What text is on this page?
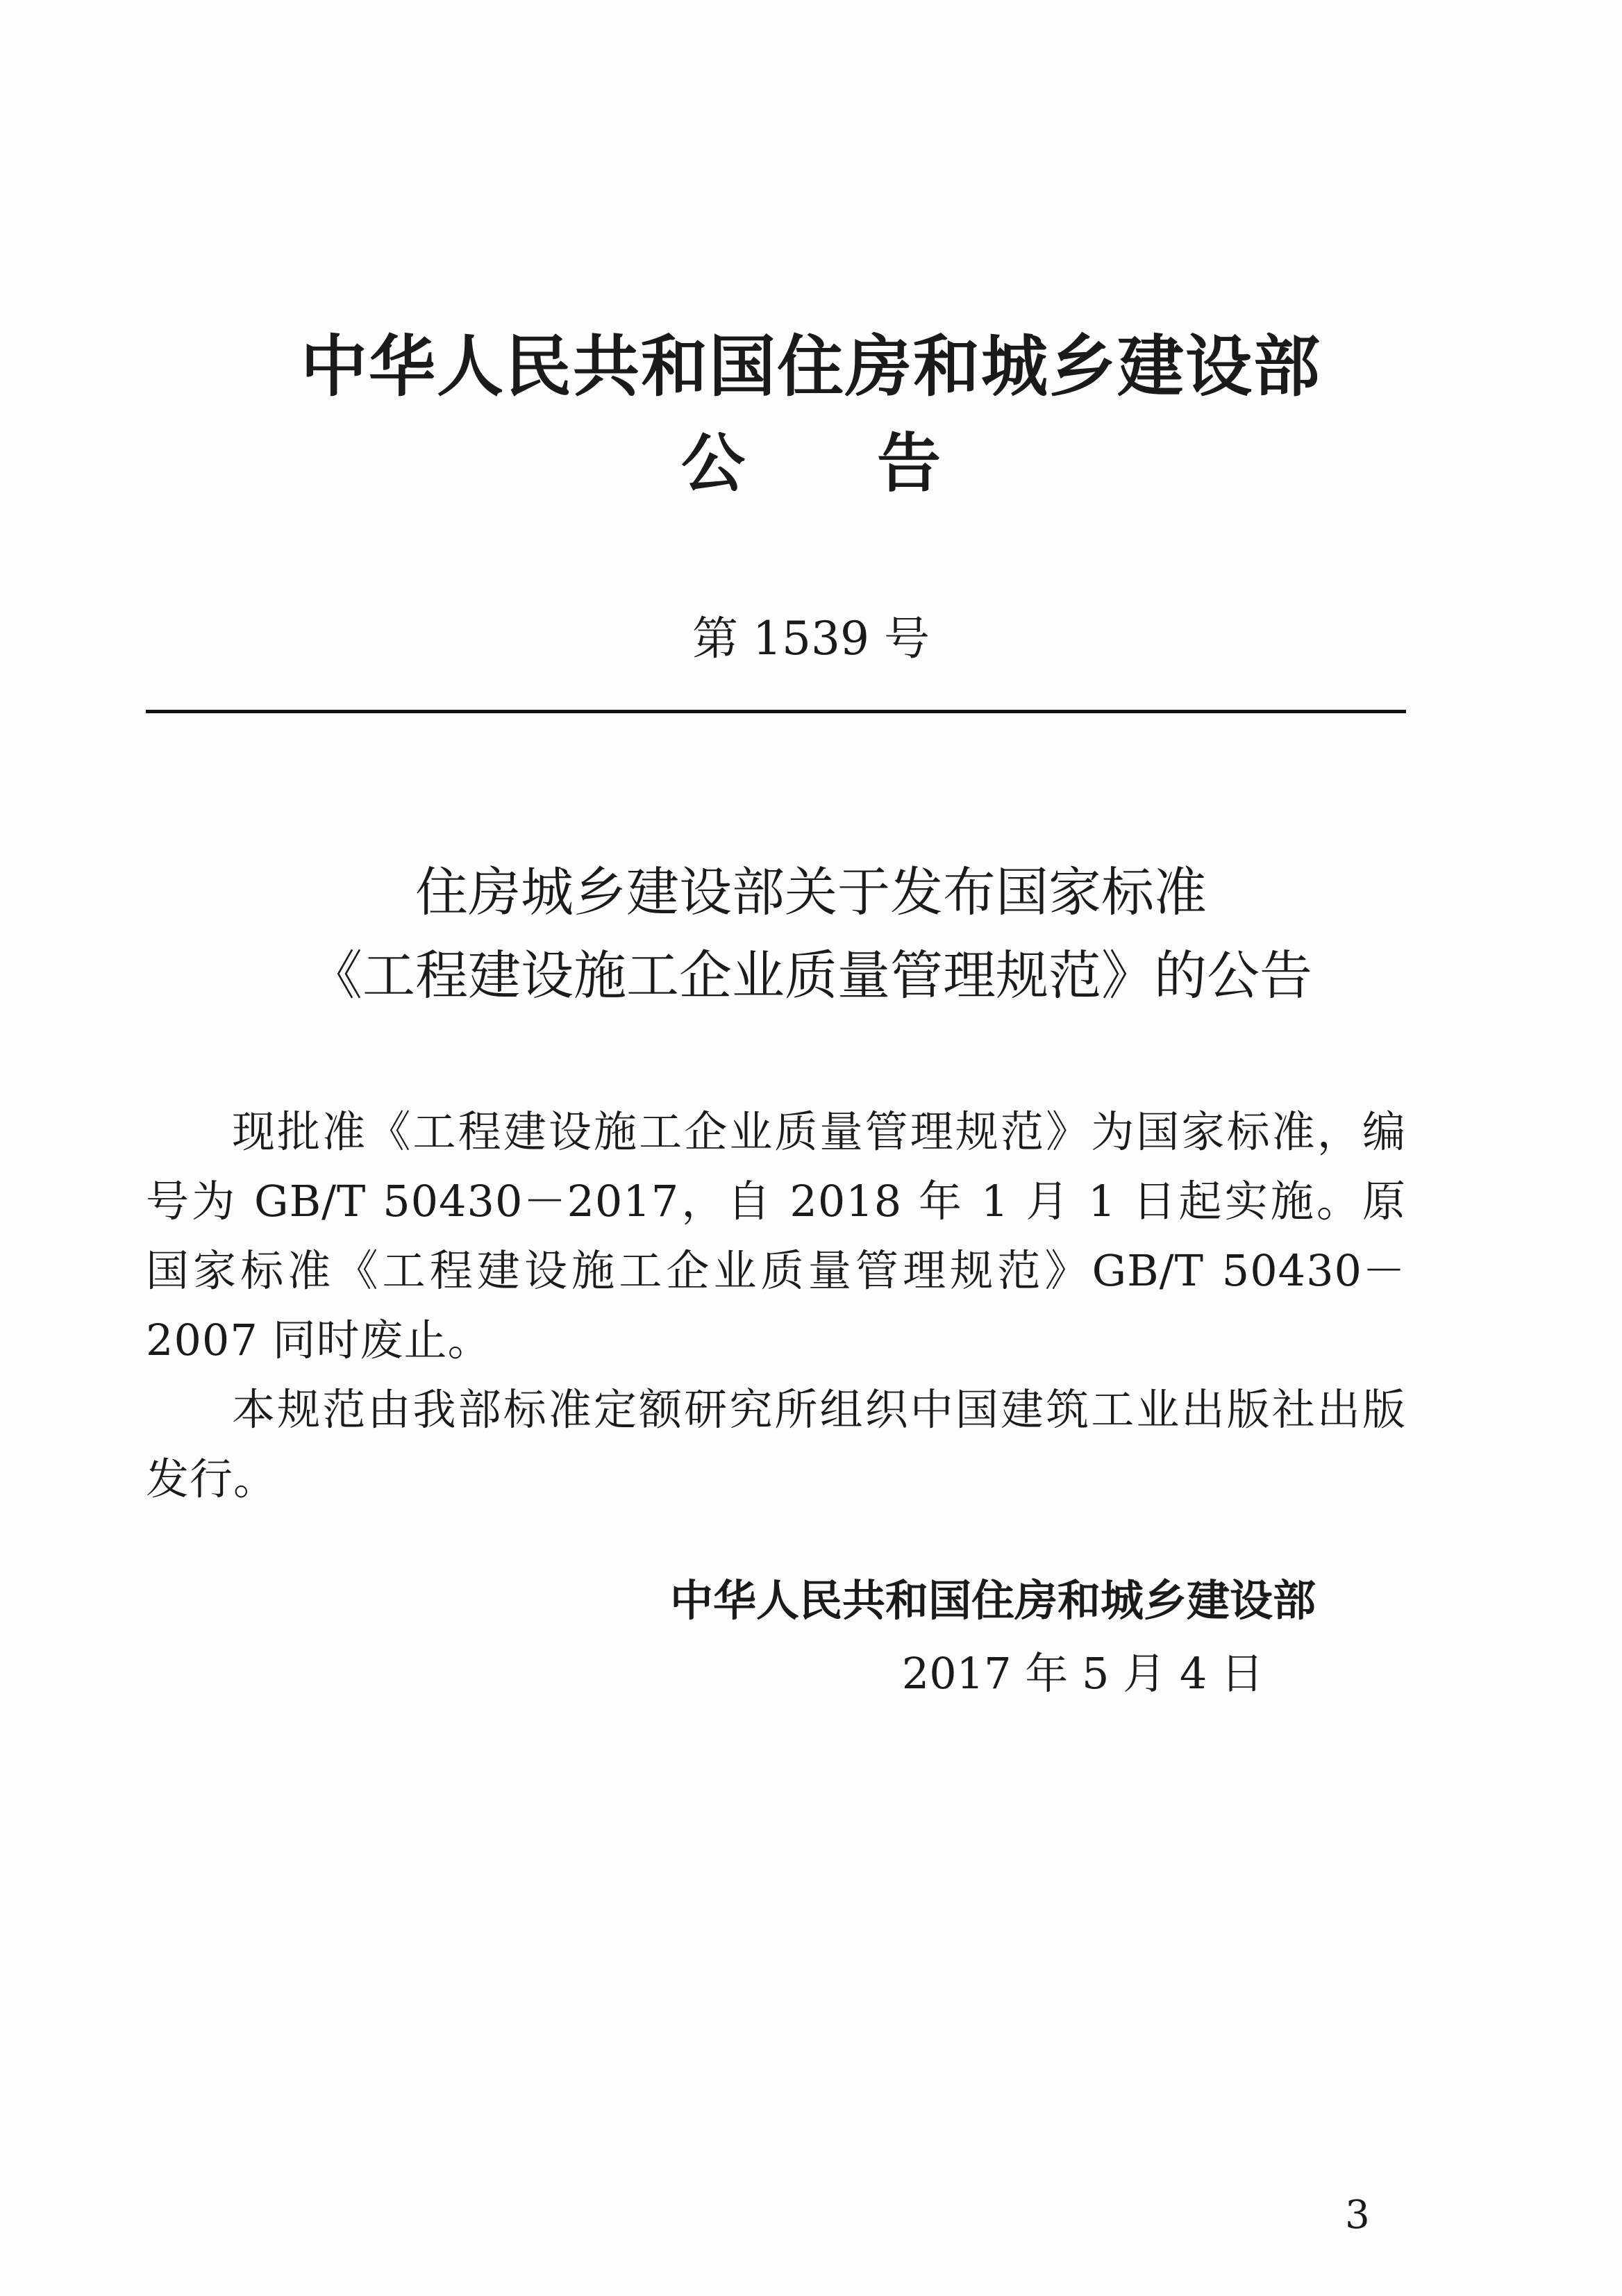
中华人民共和国住房和城乡建设部
公告
第 1539 号
住房城乡建设部关于发布国家标准
《工程建设施工企业质量管理规范》的公告

现批准《工程建设施工企业质量管理规范》为国家标准，编号为 GB/T 50430－2017，自 2018 年 1 月 1 日起实施。原国家标准《工程建设施工企业质量管理规范》GB/T 50430－2007 同时废止。

本规范由我部标准定额研究所组织中国建筑工业出版社出版发行。

中华人民共和国住房和城乡建设部
2017 年 5 月 4 日
3
